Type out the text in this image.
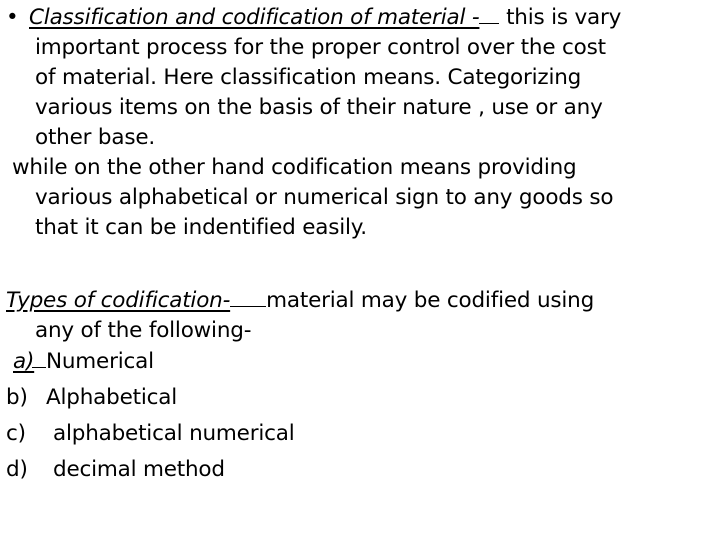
• Classification and codification of material - this is vary
important process for the proper control over the cost
of material. Here classification means. Categorizing
various items on the basis of their nature , use or any
other base.

while on the other hand codification means providing
various alphabetical or numerical sign to any goods so
that it can be indentified easily.

Types of codification- material may be codified using
any of the following-

a) Numerical
b) Alphabetical
c) alphabetical numerical
d) decimal method
